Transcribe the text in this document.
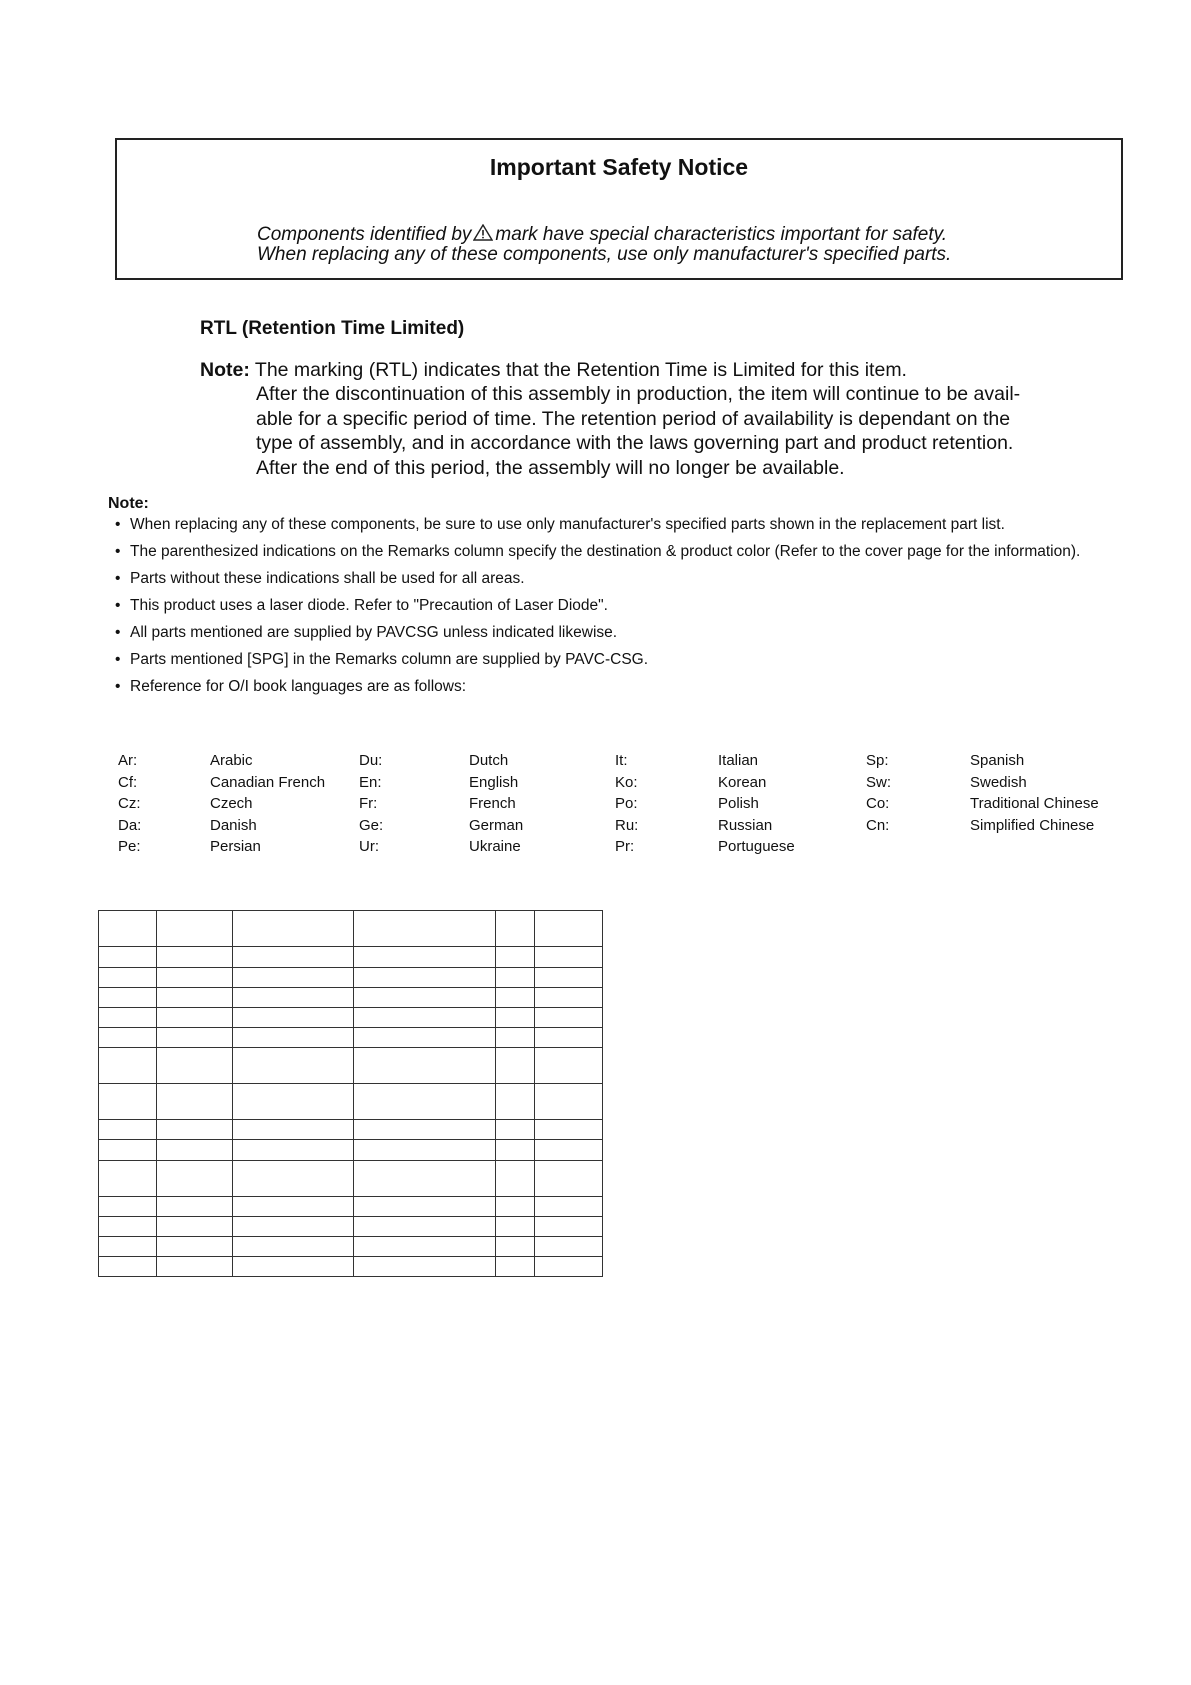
Important Safety Notice
Components identified by mark have special characteristics important for safety.
When replacing any of these components, use only manufacturer's specified parts.
RTL (Retention Time Limited)
Note: The marking (RTL) indicates that the Retention Time is Limited for this item.
After the discontinuation of this assembly in production, the item will continue to be avail-
able for a specific period of time. The retention period of availability is dependant on the
type of assembly, and in accordance with the laws governing part and product retention.
After the end of this period, the assembly will no longer be available.
Note:
• When replacing any of these components, be sure to use only manufacturer's specified parts shown in the replacement part list.
• The parenthesized indications on the Remarks column specify the destination & product color (Refer to the cover page for the information).
• Parts without these indications shall be used for all areas.
• This product uses a laser diode. Refer to "Precaution of Laser Diode".
• All parts mentioned are supplied by PAVCSG unless indicated likewise.
• Parts mentioned [SPG] in the Remarks column are supplied by PAVC-CSG.
• Reference for O/I book languages are as follows:
Ar:	Arabic	Du:	Dutch	It:	Italian	Sp:	Spanish
Cf:	Canadian French	En:	English	Ko:	Korean	Sw:	Swedish
Cz:	Czech	Fr:	French	Po:	Polish	Co:	Traditional Chinese
Da:	Danish	Ge:	German	Ru:	Russian	Cn:	Simplified Chinese
Pe:	Persian	Ur:	Ukraine	Pr:	Portuguese		
